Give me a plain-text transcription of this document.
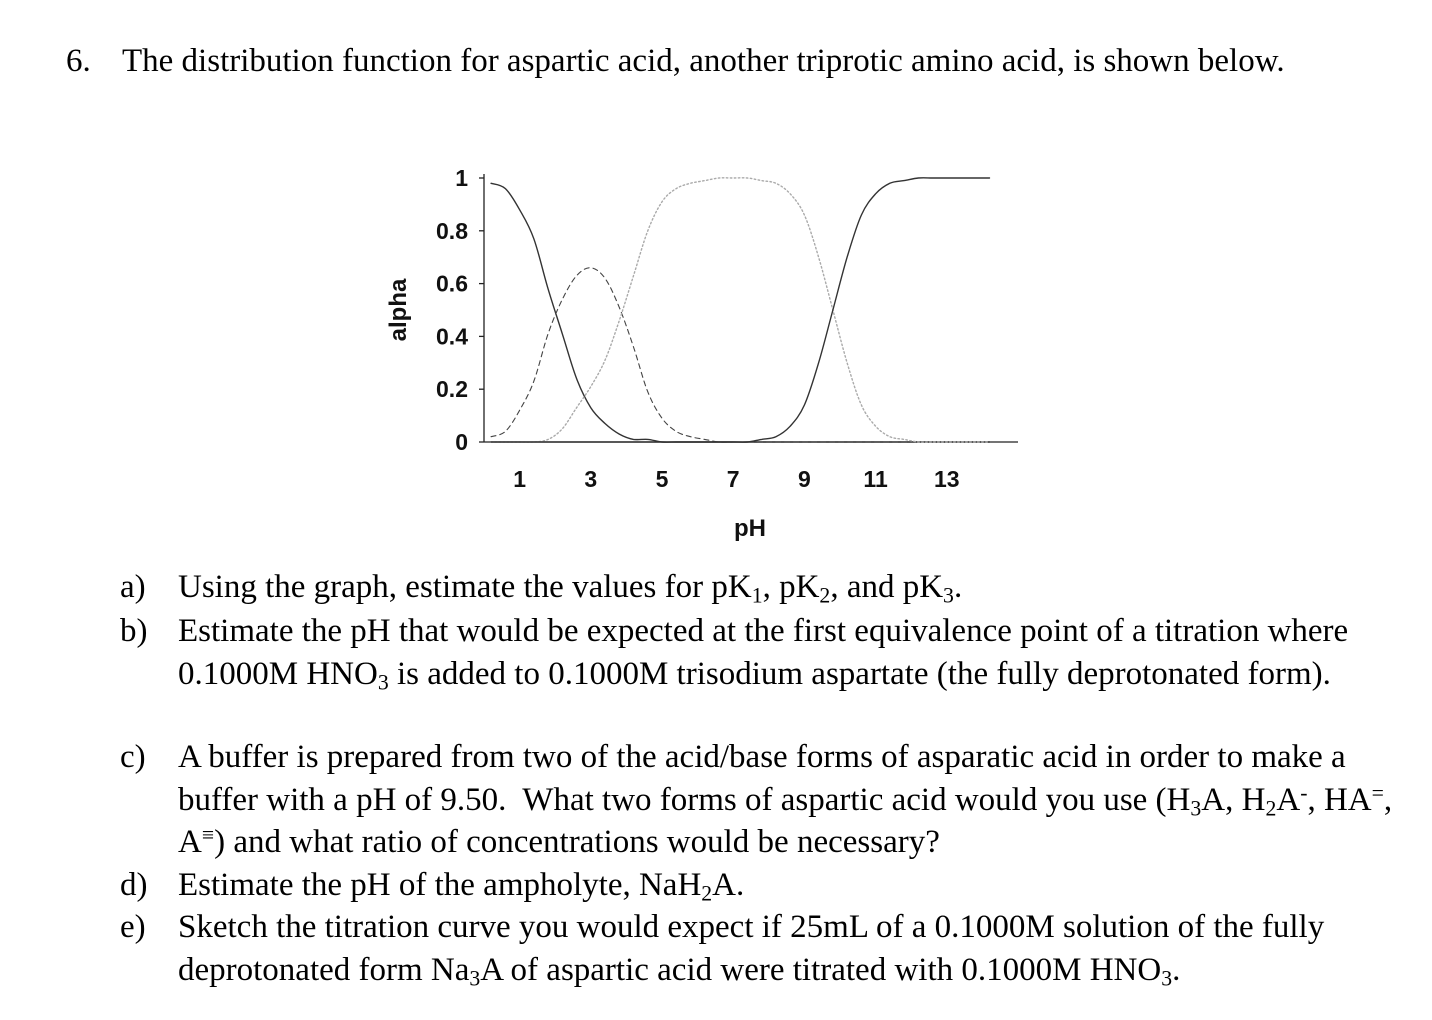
6. The distribution function for aspartic acid, another triprotic amino acid, is shown below.
1
0.8
0.6
0.4
0.2
0
1	3	5	7	9 11 13
alpha
pH
a) Using the graph, estimate the values for $pK_1$, $pK_2$, and $pK_3$.
b) Estimate the pH that would be expected at the first equivalence point of a titration where 0.1000M $HNO_3$ is added to 0.1000M trisodium aspartate (the fully deprotonated form).
c) A buffer is prepared from two of the acid/base forms of asparatic acid in order to make a buffer with a pH of 9.50.  What two forms of aspartic acid would you use ($H_3A$, $H_2A^-$, HA=, A≡) and what ratio of concentrations would be necessary?
d) Estimate the pH of the ampholyte, NaH$_2$A.
e) Sketch the titration curve you would expect if 25mL of a 0.1000M solution of the fully deprotonated form $Na_3A$ of aspartic acid were titrated with 0.1000M $HNO_3$.
